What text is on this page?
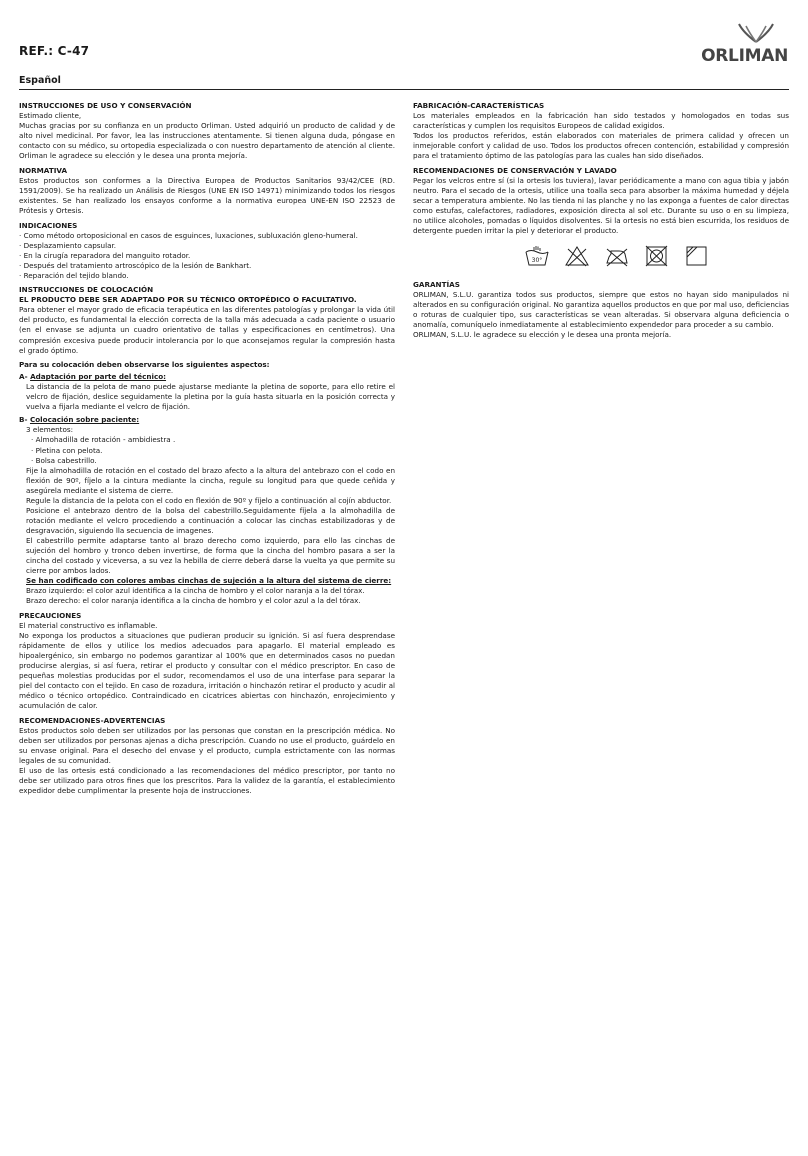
REF.: C-47	ORLIMAN
Español

INSTRUCCIONES DE USO Y CONSERVACIÓN

Estimado cliente,

Muchas gracias por su confianza en un producto Orliman. Usted adquirió un producto de calidad y de alto nivel medicinal. Por favor, lea las instrucciones atentamente. Si tienen alguna duda, póngase en contacto con su médico, su ortopedia especializada o con nuestro departamento de atención al cliente. Orliman le agradece su elección y le desea una pronta mejoría.

NORMATIVA

Estos productos son conformes a la Directiva Europea de Productos Sanitarios 93/42/CEE (RD. 1591/2009). Se ha realizado un Análisis de Riesgos (UNE EN ISO 14971) minimizando todos los riesgos existentes. Se han realizado los ensayos conforme a la normativa europea UNE-EN ISO 22523 de Prótesis y Ortesis.

INDICACIONES

· Como método ortoposicional en casos de esguinces, luxaciones, subluxación gleno-humeral.

· Desplazamiento capsular.

· En la cirugía reparadora del manguito rotador.

· Después del tratamiento artroscópico de la lesión de Bankhart.

· Reparación del tejido blando.

INSTRUCCIONES DE COLOCACIÓN

EL PRODUCTO DEBE SER ADAPTADO POR SU TÉCNICO ORTOPÉDICO O FACULTATIVO.

Para obtener el mayor grado de eficacia terapéutica en las diferentes patologías y prolongar la vida útil del producto, es fundamental la elección correcta de la talla más adecuada a cada paciente o usuario (en el envase se adjunta un cuadro orientativo de tallas y especificaciones en centímetros). Una compresión excesiva puede producir intolerancia por lo que aconsejamos regular la compresión hasta el grado óptimo.

Para su colocación deben observarse los siguientes aspectos:

A- Adaptación por parte del técnico:

La distancia de la pelota de mano puede ajustarse mediante la pletina de soporte, para ello retire el velcro de fijación, deslice seguidamente la pletina por la guía hasta situarla en la posición correcta y vuelva a fijarla mediante el velcro de fijación.

B- Colocación sobre paciente:

3 elementos:

· Almohadilla de rotación - ambidiestra .

· Pletina con pelota.

· Bolsa cabestrillo.

Fije la almohadilla de rotación en el costado del brazo afecto a la altura del antebrazo con el codo en flexión de 90º, fíjelo a la cintura mediante la cincha, regule su longitud para que quede ceñida y asegúrela mediante el sistema de cierre.

Regule la distancia de la pelota con el codo en flexión de 90º y fíjelo a continuación al cojín abductor.

Posicione el antebrazo dentro de la bolsa del cabestrillo.Seguidamente fíjela a la almohadilla de rotación mediante el velcro procediendo a continuación a colocar las cinchas estabilizadoras y de desgravación, siguiendo lla secuencia de imagenes.

El cabestrillo permite adaptarse tanto al brazo derecho como izquierdo, para ello las cinchas de sujeción del hombro y tronco deben invertirse, de forma que la cincha del hombro pasara a ser la cincha del costado y viceversa, a su vez la hebilla de cierre deberá darse la vuelta ya que permite su cierre por ambos lados.

Se han codificado con colores ambas cinchas de sujeción a la altura del sistema de cierre:

Brazo izquierdo: el color azul identifica a la cincha de hombro y el color naranja a la del tórax.

Brazo derecho: el color naranja identifica a la cincha de hombro y el color azul a la del tórax.

PRECAUCIONES

El material constructivo es inflamable.

No exponga los productos a situaciones que pudieran producir su ignición. Si así fuera desprendase rápidamente de ellos y utilice los medios adecuados para apagarlo. El material empleado es hipoalergénico, sin embargo no podemos garantizar al 100% que en determinados casos no puedan producirse alergias, si así fuera, retirar el producto y consultar con el médico prescriptor. En caso de pequeñas molestias producidas por el sudor, recomendamos el uso de una interfase para separar la piel del contacto con el tejido. En caso de rozadura, irritación o hinchazón retirar el producto y acudir al médico o técnico ortopédico. Contraindicado en cicatrices abiertas con hinchazón, enrojecimiento y acumulación de calor.

RECOMENDACIONES-ADVERTENCIAS

Estos productos solo deben ser utilizados por las personas que constan en la prescripción médica. No deben ser utilizados por personas ajenas a dicha prescripción. Cuando no use el producto, guárdelo en su envase original. Para el desecho del envase y el producto, cumpla estrictamente con las normas legales de su comunidad.

El uso de las ortesis está condicionado a las recomendaciones del médico prescriptor, por tanto no debe ser utilizado para otros fines que los prescritos. Para la validez de la garantía, el establecimiento expedidor debe cumplimentar la presente hoja de instrucciones.

FABRICACIÓN-CARACTERÍSTICAS

Los materiales empleados en la fabricación han sido testados y homologados en todas sus características y cumplen los requisitos Europeos de calidad exigidos.

Todos los productos referidos, están elaborados con materiales de primera calidad y ofrecen un inmejorable confort y calidad de uso. Todos los productos ofrecen contención, estabilidad y compresión para el tratamiento óptimo de las patologías para las cuales han sido diseñados.

RECOMENDACIONES DE CONSERVACIÓN Y LAVADO

Pegar los velcros entre sí (si la ortesis los tuviera), lavar periódicamente a mano con agua tibia y jabón neutro. Para el secado de la ortesis, utilice una toalla seca para absorber la máxima humedad y déjela secar a temperatura ambiente. No las tienda ni las planche y no las exponga a fuentes de calor directas como estufas, calefactores, radiadores, exposición directa al sol etc. Durante su uso o en su limpieza, no utilice alcoholes, pomadas o líquidos disolventes. Si la ortesis no está bien escurrida, los residuos de detergente pueden irritar la piel y deteriorar el producto.

30°

GARANTÍAS

ORLIMAN, S.L.U. garantiza todos sus productos, siempre que estos no hayan sido manipulados ni alterados en su configuración original. No garantiza aquellos productos en que por mal uso, deficiencias o roturas de cualquier tipo, sus características se vean alteradas. Si observara alguna deficiencia o anomalía, comuníquelo inmediatamente al establecimiento expendedor para proceder a su cambio.

ORLIMAN, S.L.U. le agradece su elección y le desea una pronta mejoría.
